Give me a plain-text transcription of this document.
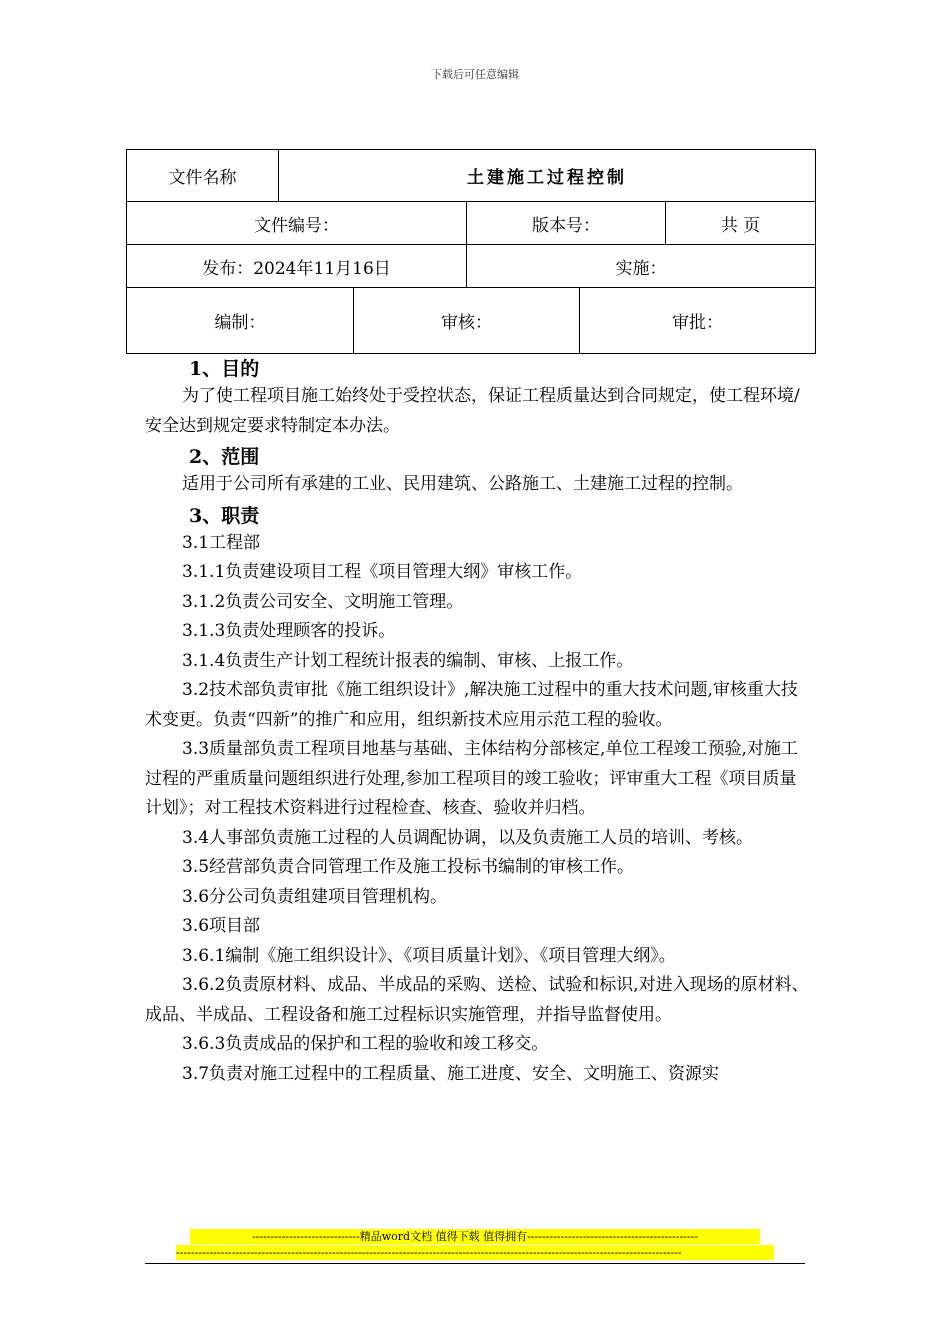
下载后可任意编辑
文件名称	土建施工过程控制				
文件编号：			版本号：		共 页
发布：2024年11月16日			实施：		
编制：		审核：		审批：	
1、目的
为了使工程项目施工始终处于受控状态，保证工程质量达到合同规定，使工程环境/安全达到规定要求特制定本办法。
2、范围
适用于公司所有承建的工业、民用建筑、公路施工、土建施工过程的控制。
3、职责
3.1工程部
3.1.1负责建设项目工程《项目管理大纲》审核工作。
3.1.2负责公司安全、文明施工管理。
3.1.3负责处理顾客的投诉。
3.1.4负责生产计划工程统计报表的编制、审核、上报工作。
3.2技术部负责审批《施工组织设计》,解决施工过程中的重大技术问题,审核重大技术变更。负责“四新”的推广和应用，组织新技术应用示范工程的验收。
3.3质量部负责工程项目地基与基础、主体结构分部核定,单位工程竣工预验,对施工过程的严重质量问题组织进行处理,参加工程项目的竣工验收；评审重大工程《项目质量计划》；对工程技术资料进行过程检查、核查、验收并归档。
3.4人事部负责施工过程的人员调配协调，以及负责施工人员的培训、考核。
3.5经营部负责合同管理工作及施工投标书编制的审核工作。
3.6分公司负责组建项目管理机构。
3.6项目部
3.6.1编制《施工组织设计》、《项目质量计划》、《项目管理大纲》。
3.6.2负责原材料、成品、半成品的采购、送检、试验和标识,对进入现场的原材料、成品、半成品、工程设备和施工过程标识实施管理，并指导监督使用。
3.6.3负责成品的保护和工程的验收和竣工移交。
3.7负责对施工过程中的工程质量、施工进度、安全、文明施工、资源实
-----------------------------精品word文档 值得下载 值得拥有----------------------------------------------
----------------------------------------------------------------------------------------------------------------------------------------
